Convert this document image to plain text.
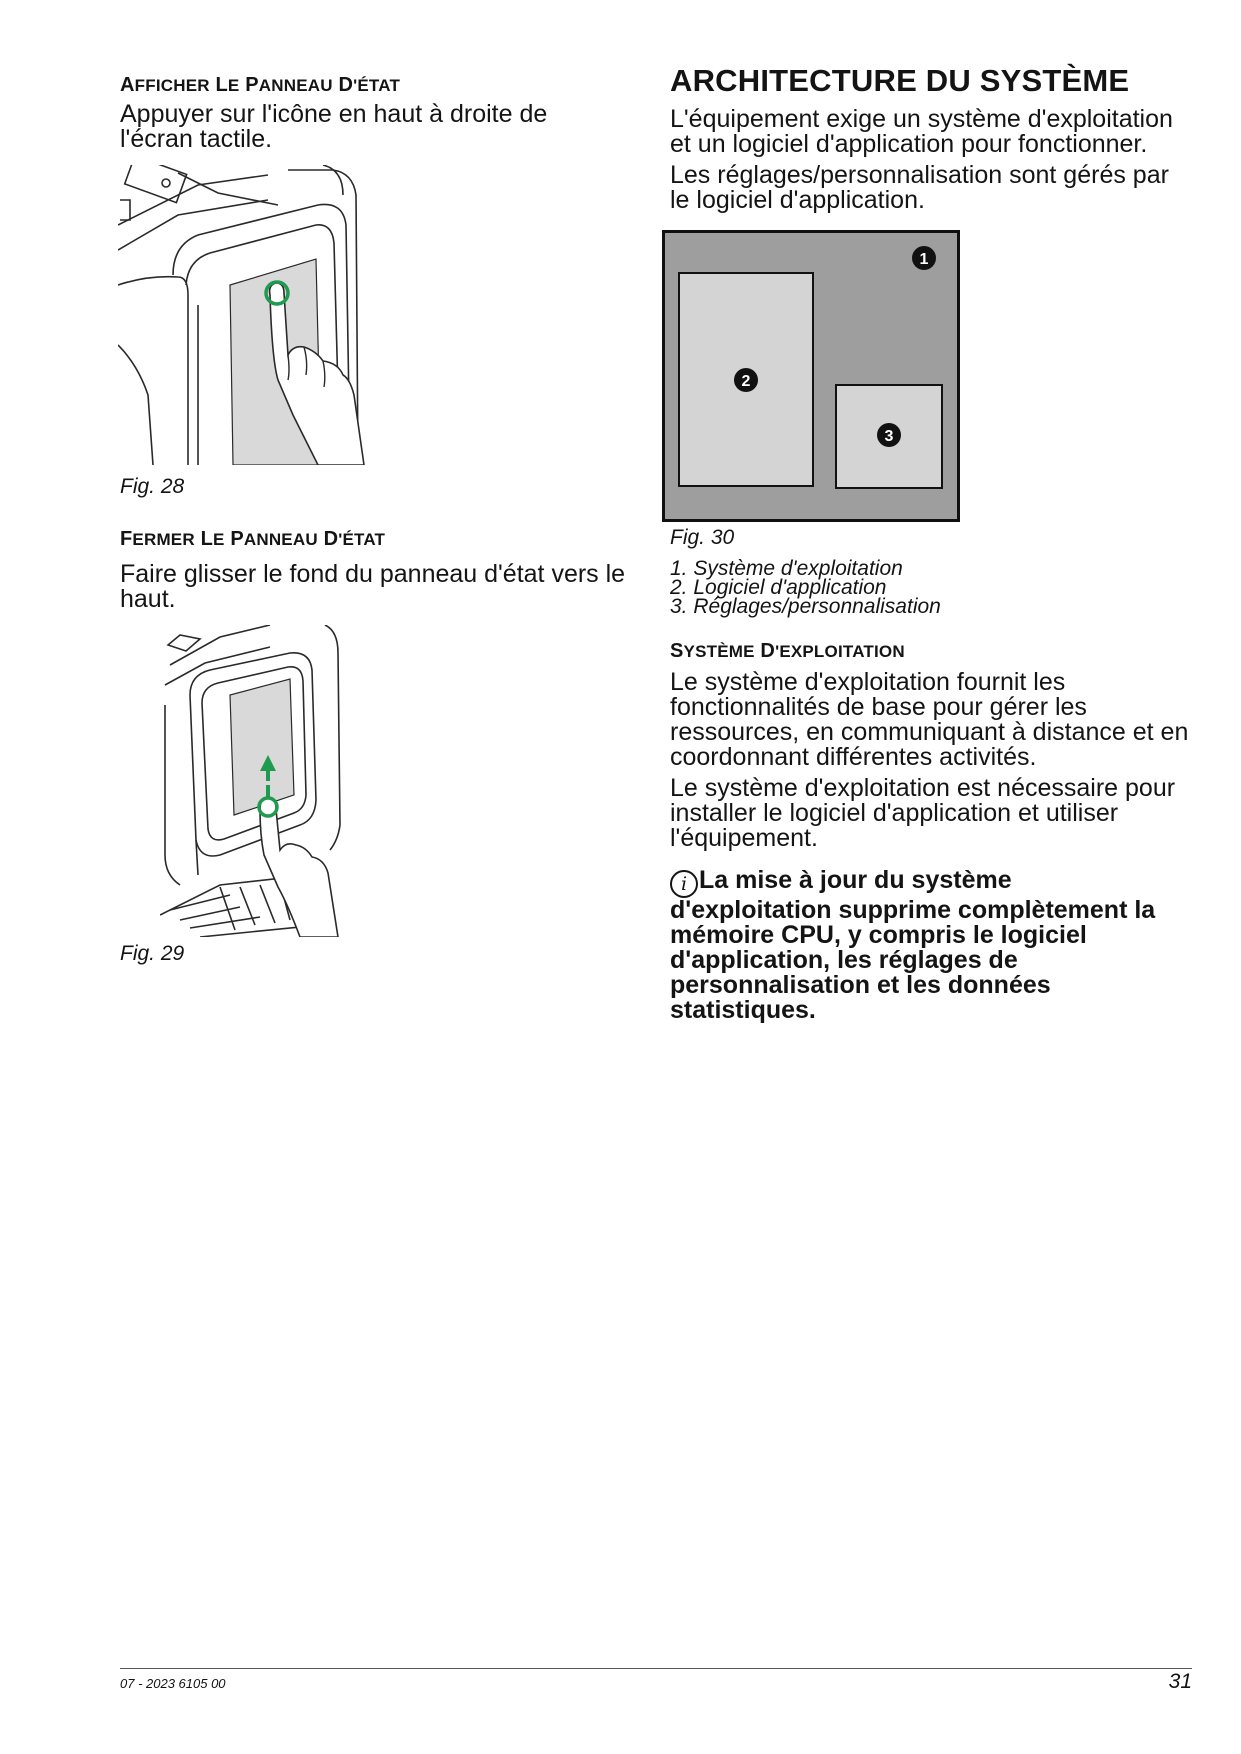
AFFICHER LE PANNEAU D'ÉTAT
Appuyer sur l'icône en haut à droite de l'écran tactile.
Fig. 28
FERMER LE PANNEAU D'ÉTAT
Faire glisser le fond du panneau d'état vers le haut.
Fig. 29
ARCHITECTURE DU SYSTÈME

L'équipement exige un système d'exploitation et un logiciel d'application pour fonctionner.

Les réglages/personnalisation sont gérés par le logiciel d'application.

1
2
3
Fig. 30
1. Système d'exploitation
2. Logiciel d'application
3. Réglages/personnalisation
SYSTÈME D'EXPLOITATION

Le système d'exploitation fournit les fonctionnalités de base pour gérer les ressources, en communiquant à distance et en coordonnant différentes activités.

Le système d'exploitation est nécessaire pour installer le logiciel d'application et utiliser l'équipement.

i La mise à jour du système d'exploitation supprime complètement la mémoire CPU, y compris le logiciel d'application, les réglages de personnalisation et les données statistiques.
07 - 2023 6105 00	31
